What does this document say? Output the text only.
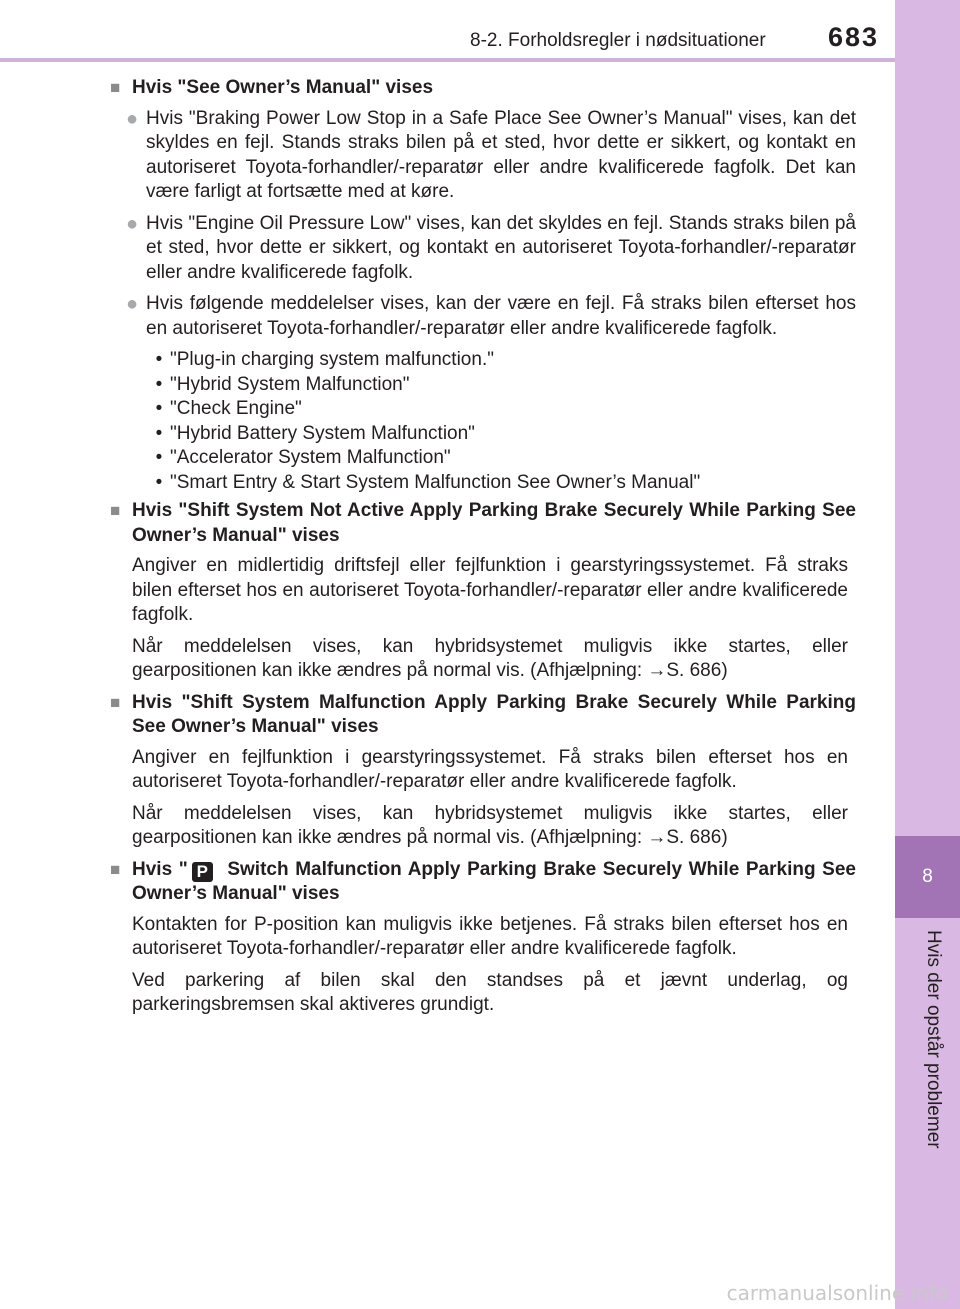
8-2. Forholdsregler i nødsituationer 683
8
Hvis der opstår problemer
■ Hvis "See Owner’s Manual" vises
● Hvis "Braking Power Low Stop in a Safe Place See Owner’s Manual" vises, kan det skyldes en fejl. Stands straks bilen på et sted, hvor dette er sikkert, og kontakt en autoriseret Toyota-forhandler/-reparatør eller andre kvalificerede fagfolk. Det kan være farligt at fortsætte med at køre.
● Hvis "Engine Oil Pressure Low" vises, kan det skyldes en fejl. Stands straks bilen på et sted, hvor dette er sikkert, og kontakt en autoriseret Toyota-forhandler/-reparatør eller andre kvalificerede fagfolk.
● Hvis følgende meddelelser vises, kan der være en fejl. Få straks bilen efterset hos en autoriseret Toyota-forhandler/-reparatør eller andre kvalificerede fagfolk.
• "Plug-in charging system malfunction."
• "Hybrid System Malfunction"
• "Check Engine"
• "Hybrid Battery System Malfunction"
• "Accelerator System Malfunction"
• "Smart Entry & Start System Malfunction See Owner’s Manual"
■ Hvis "Shift System Not Active Apply Parking Brake Securely While Parking See Owner’s Manual" vises
Angiver en midlertidig driftsfejl eller fejlfunktion i gearstyringssystemet. Få straks bilen efterset hos en autoriseret Toyota-forhandler/-reparatør eller andre kvalificerede fagfolk.
Når meddelelsen vises, kan hybridsystemet muligvis ikke startes, eller gearpositionen kan ikke ændres på normal vis. (Afhjælpning: →S. 686)
■ Hvis "Shift System Malfunction Apply Parking Brake Securely While Parking See Owner’s Manual" vises
Angiver en fejlfunktion i gearstyringssystemet. Få straks bilen efterset hos en autoriseret Toyota-forhandler/-reparatør eller andre kvalificerede fagfolk.
Når meddelelsen vises, kan hybridsystemet muligvis ikke startes, eller gearpositionen kan ikke ændres på normal vis. (Afhjælpning: →S. 686)
■ Hvis " P Switch Malfunction Apply Parking Brake Securely While Parking See Owner’s Manual" vises
Kontakten for P-position kan muligvis ikke betjenes. Få straks bilen efterset hos en autoriseret Toyota-forhandler/-reparatør eller andre kvalificerede fagfolk.
Ved parkering af bilen skal den standses på et jævnt underlag, og parkeringsbremsen skal aktiveres grundigt.
carmanualsonline.info
